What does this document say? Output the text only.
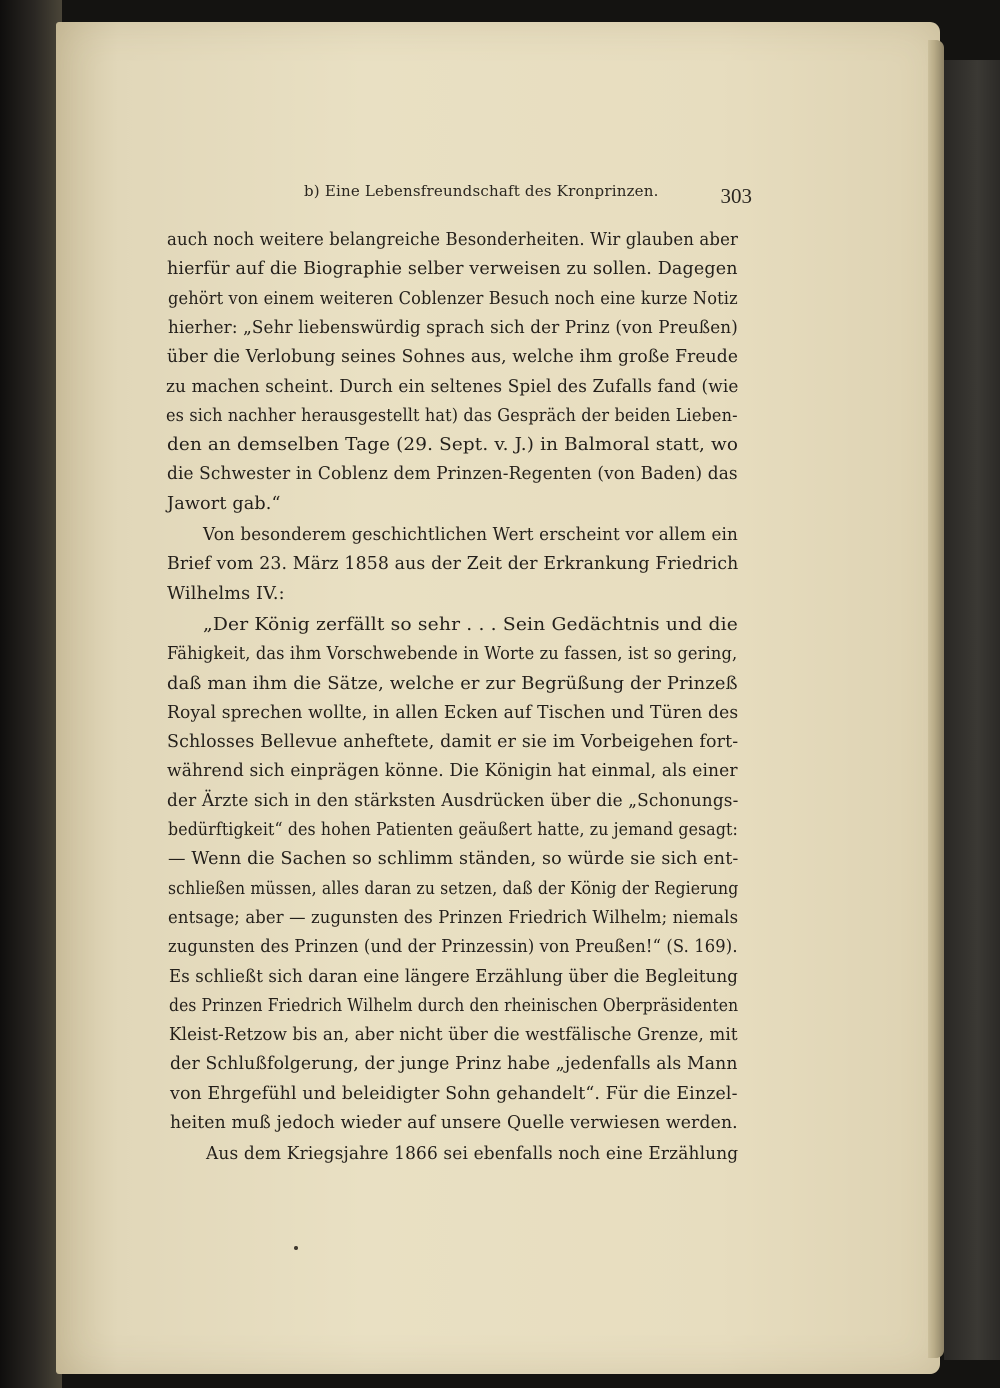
b) Eine Lebensfreundschaft des Kronprinzen.	303
auch noch weitere belangreiche Besonderheiten. Wir glauben aber
hierfür auf die Biographie selber verweisen zu sollen. Dagegen
gehört von einem weiteren Coblenzer Besuch noch eine kurze Notiz
hierher: „Sehr liebenswürdig sprach sich der Prinz (von Preußen)
über die Verlobung seines Sohnes aus, welche ihm große Freude
zu machen scheint. Durch ein seltenes Spiel des Zufalls fand (wie
es sich nachher herausgestellt hat) das Gespräch der beiden Lieben-
den an demselben Tage (29. Sept. v. J.) in Balmoral statt, wo
die Schwester in Coblenz dem Prinzen-Regenten (von Baden) das
Jawort gab.“
Von besonderem geschichtlichen Wert erscheint vor allem ein
Brief vom 23. März 1858 aus der Zeit der Erkrankung Friedrich
Wilhelms IV.:
„Der König zerfällt so sehr . . . Sein Gedächtnis und die
Fähigkeit, das ihm Vorschwebende in Worte zu fassen, ist so gering,
daß man ihm die Sätze, welche er zur Begrüßung der Prinzeß
Royal sprechen wollte, in allen Ecken auf Tischen und Türen des
Schlosses Bellevue anheftete, damit er sie im Vorbeigehen fort-
während sich einprägen könne. Die Königin hat einmal, als einer
der Ärzte sich in den stärksten Ausdrücken über die „Schonungs-
bedürftigkeit“ des hohen Patienten geäußert hatte, zu jemand gesagt:
— Wenn die Sachen so schlimm ständen, so würde sie sich ent-
schließen müssen, alles daran zu setzen, daß der König der Regierung
entsage; aber — zugunsten des Prinzen Friedrich Wilhelm; niemals
zugunsten des Prinzen (und der Prinzessin) von Preußen!“ (S. 169).
Es schließt sich daran eine längere Erzählung über die Begleitung
des Prinzen Friedrich Wilhelm durch den rheinischen Oberpräsidenten
Kleist-Retzow bis an, aber nicht über die westfälische Grenze, mit
der Schlußfolgerung, der junge Prinz habe „jedenfalls als Mann
von Ehrgefühl und beleidigter Sohn gehandelt“. Für die Einzel-
heiten muß jedoch wieder auf unsere Quelle verwiesen werden.
Aus dem Kriegsjahre 1866 sei ebenfalls noch eine Erzählung
